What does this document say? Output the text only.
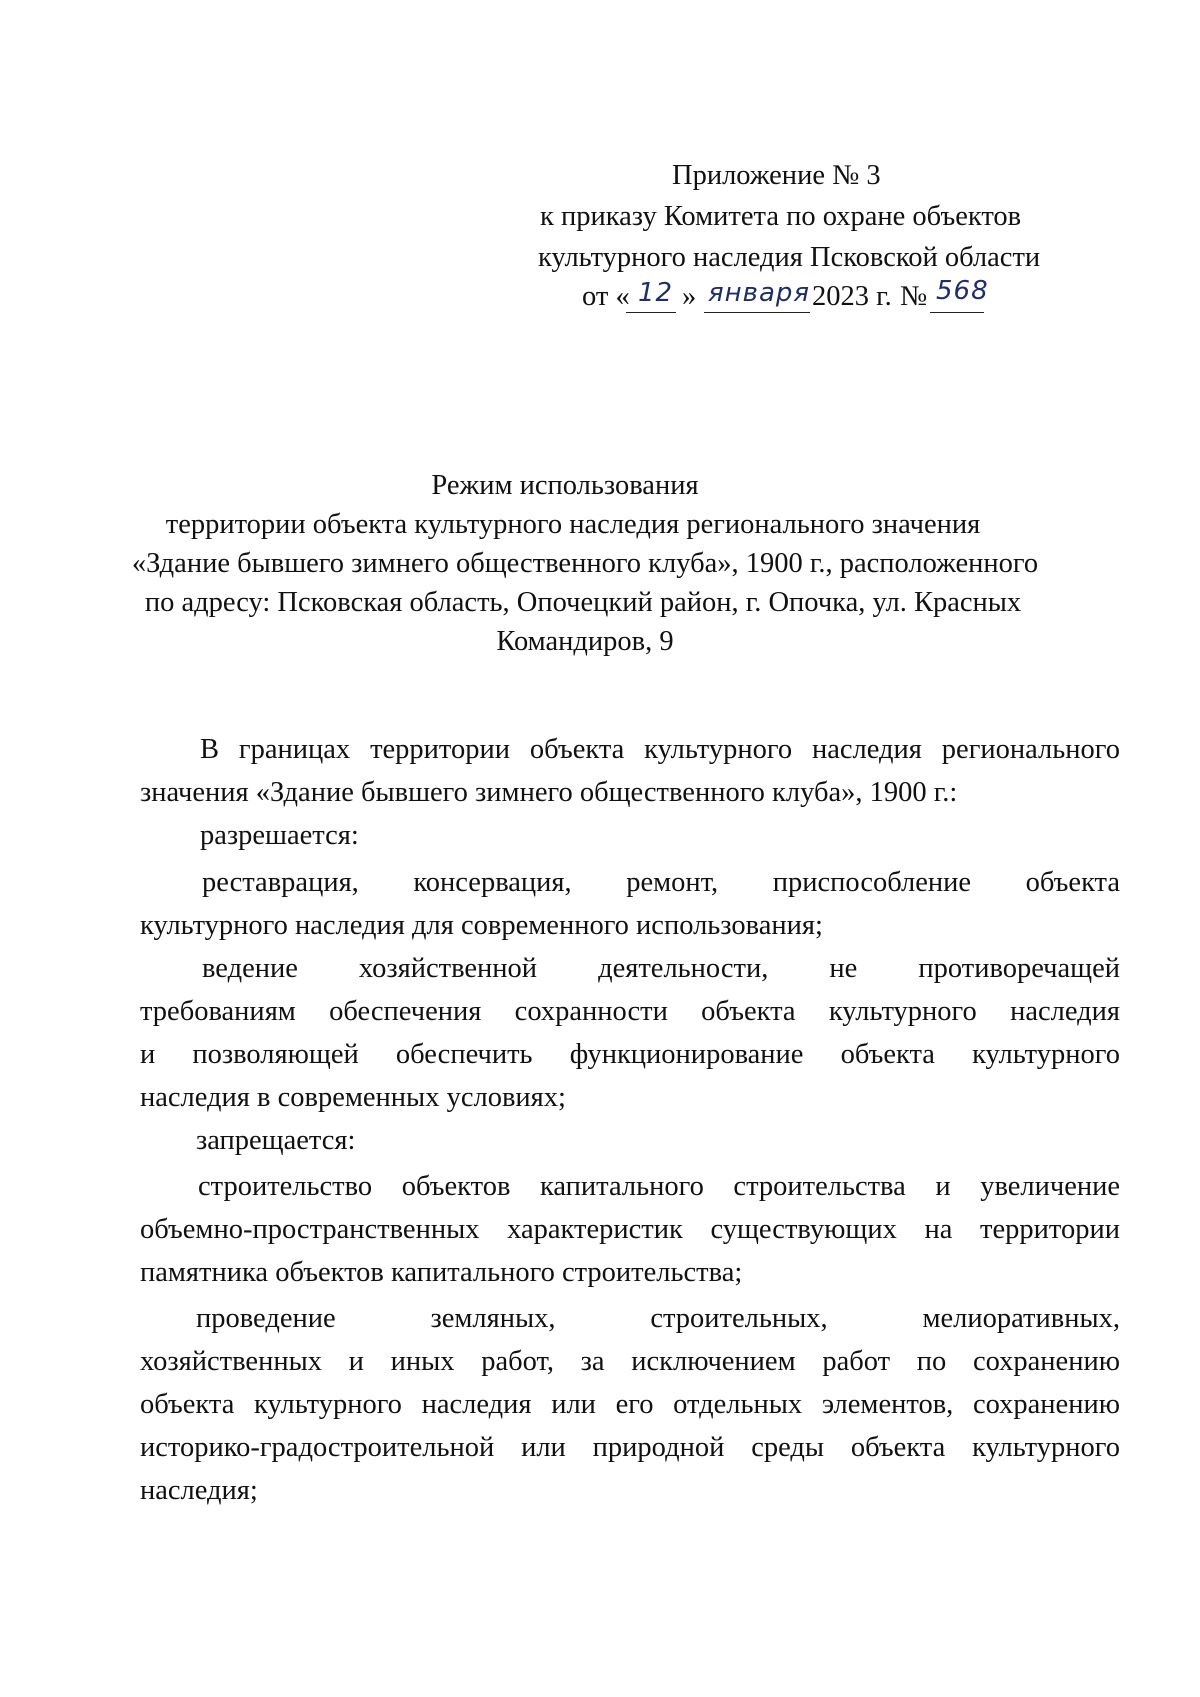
Приложение № 3
к приказу Комитета по охране объектов
культурного наследия Псковской области
от « 12 » января 2023 г. № 568
Режим использования
территории объекта культурного наследия регионального значения
«Здание бывшего зимнего общественного клуба», 1900 г., расположенного
по адресу: Псковская область, Опочецкий район, г. Опочка, ул. Красных
Командиров, 9
В границах территории объекта культурного наследия регионального
значения «Здание бывшего зимнего общественного клуба», 1900 г.:
разрешается:
реставрация, консервация, ремонт, приспособление объекта
культурного наследия для современного использования;
ведение хозяйственной деятельности, не противоречащей
требованиям обеспечения сохранности объекта культурного наследия
и позволяющей обеспечить функционирование объекта культурного
наследия в современных условиях;
запрещается:
строительство объектов капитального строительства и увеличение
объемно-пространственных характеристик существующих на территории
памятника объектов капитального строительства;
проведение земляных, строительных, мелиоративных,
хозяйственных и иных работ, за исключением работ по сохранению
объекта культурного наследия или его отдельных элементов, сохранению
историко-градостроительной или природной среды объекта культурного
наследия;
